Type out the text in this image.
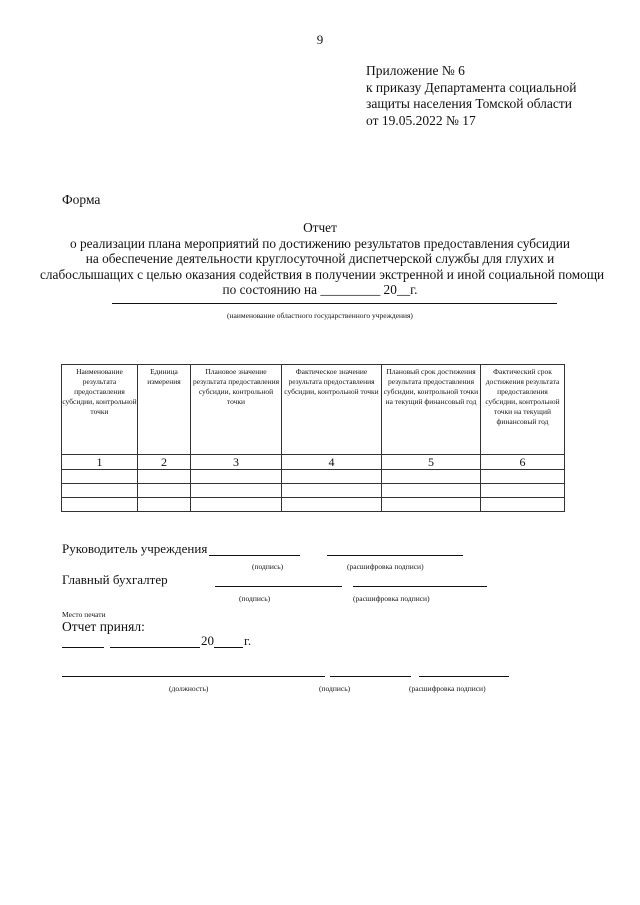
9
Приложение № 6
к приказу Департамента социальной
защиты населения Томской области
от 19.05.2022 № 17
Форма
Отчет
о реализации плана мероприятий по достижению результатов предоставления субсидии
на обеспечение деятельности круглосуточной диспетчерской службы для глухих и
слабослышащих с целью оказания содействия в получении экстренной и иной социальной помощи
по состоянию на _________ 20__г.
(наименование областного государственного учреждения)
Наименование результата предоставления субсидии, контрольной точки	Единица измерения	Плановое значение результата предоставления субсидии, контрольной точки	Фактическое значение результата предоставления субсидии, контрольной точки	Плановый срок достижения результата предоставления субсидии, контрольной точки на текущий финансовый год	Фактический срок достижения результата предоставления субсидии, контрольной точки на текущий финансовый год
1	2	3	4	5	6

Руководитель учреждения
(подпись)	(расшифровка подписи)
Главный бухгалтер
(подпись)	(расшифровка подписи)
Место печати
Отчет принял:
20 г.
(должность)	(подпись)	(расшифровка подписи)
